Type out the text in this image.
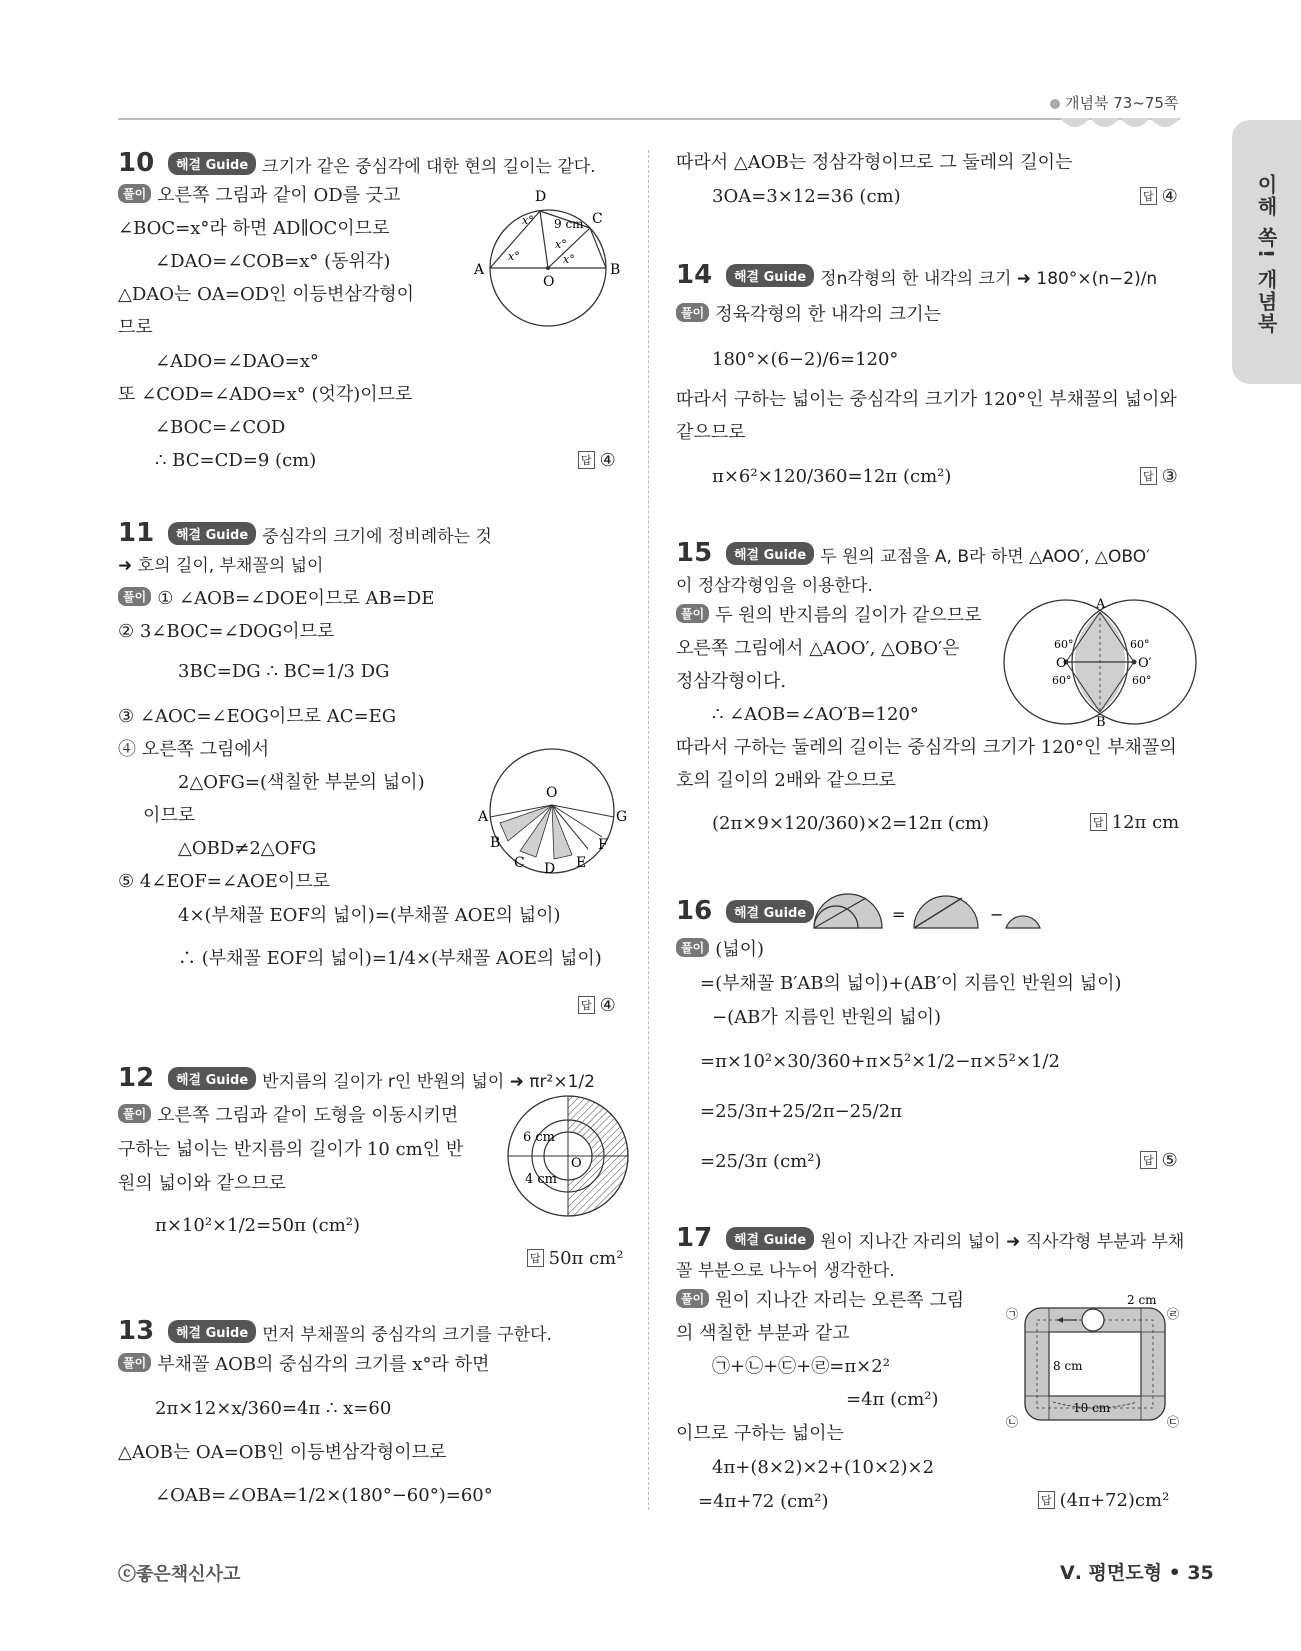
개념북 73~75쪽
이해 쏙! 개념북
10	해결 Guide 크기가 같은 중심각에 대한 현의 길이는 같다.
풀이 오른쪽 그림과 같이 OD를 긋고
∠BOC=x°라 하면 AD∥OC이므로
∠DAO=∠COB=x° (동위각)
△DAO는 OA=OD인 이등변삼각형이
므로
∠ADO=∠DAO=x°
또 ∠COD=∠ADO=x° (엇각)이므로
∠BOC=∠COD
∴ BC=CD=9 (cm)	답 ④
D
C
A	B
O
9 cm
x°
x°
x°
x°
11	해결 Guide 중심각의 크기에 정비례하는 것
➜ 호의 길이, 부채꼴의 넓이
풀이 ① ∠AOB=∠DOE이므로 AB=DE
② 3∠BOC=∠DOG이므로
3BC=DG ∴ BC=1/3 DG
③ ∠AOC=∠EOG이므로 AC=EG
④ 오른쪽 그림에서
2△OFG=(색칠한 부분의 넓이)
이므로
△OBD≠2△OFG
⑤ 4∠EOF=∠AOE이므로
4×(부채꼴 EOF의 넓이)=(부채꼴 AOE의 넓이)
∴ (부채꼴 EOF의 넓이)=1/4×(부채꼴 AOE의 넓이)
답 ④
O
A
B
C D E
F
G
12	해결 Guide 반지름의 길이가 r인 반원의 넓이 ➜ πr²×1/2
풀이 오른쪽 그림과 같이 도형을 이동시키면
구하는 넓이는 반지름의 길이가 10 cm인 반
원의 넓이와 같으므로
π×10²×1/2=50π (cm²)
답 50π cm²
6 cm
4 cm
O
13	해결 Guide 먼저 부채꼴의 중심각의 크기를 구한다.
풀이 부채꼴 AOB의 중심각의 크기를 x°라 하면
2π×12×x/360=4π ∴ x=60
△AOB는 OA=OB인 이등변삼각형이므로
∠OAB=∠OBA=1/2×(180°−60°)=60°
따라서 △AOB는 정삼각형이므로 그 둘레의 길이는
3OA=3×12=36 (cm)	답 ④
14	해결 Guide 정n각형의 한 내각의 크기 ➜ 180°×(n−2)/n
풀이 정육각형의 한 내각의 크기는
180°×(6−2)/6=120°
따라서 구하는 넓이는 중심각의 크기가 120°인 부채꼴의 넓이와
같으므로
π×6²×120/360=12π (cm²)	답 ③
15	해결 Guide 두 원의 교점을 A, B라 하면 △AOO′, △OBO′
이 정삼각형임을 이용한다.
풀이 두 원의 반지름의 길이가 같으므로
오른쪽 그림에서 △AOO′, △OBO′은
정삼각형이다.
∴ ∠AOB=∠AO′B=120°
따라서 구하는 둘레의 길이는 중심각의 크기가 120°인 부채꼴의
호의 길이의 2배와 같으므로
(2π×9×120/360)×2=12π (cm)	답 12π cm
A
B
O	O′
60°	60°
60°	60°
16	해결 Guide	=	−
풀이 (넓이)
=(부채꼴 B′AB의 넓이)+(AB′이 지름인 반원의 넓이)
−(AB가 지름인 반원의 넓이)
=π×10²×30/360+π×5²×1/2−π×5²×1/2
=25/3π+25/2π−25/2π
=25/3π (cm²)	답 ⑤
17	해결 Guide 원이 지나간 자리의 넓이 ➜ 직사각형 부분과 부채
꼴 부분으로 나누어 생각한다.
풀이 원이 지나간 자리는 오른쪽 그림
의 색칠한 부분과 같고
㉠+㉡+㉢+㉣=π×2²
=4π (cm²)
이므로 구하는 넓이는
4π+(8×2)×2+(10×2)×2
=4π+72 (cm²)	답 (4π+72)cm²
2 cm
8 cm
10 cm
㉠
㉡	㉢
㉣
ⓒ좋은책신사고	Ⅴ. 평면도형 • 35
